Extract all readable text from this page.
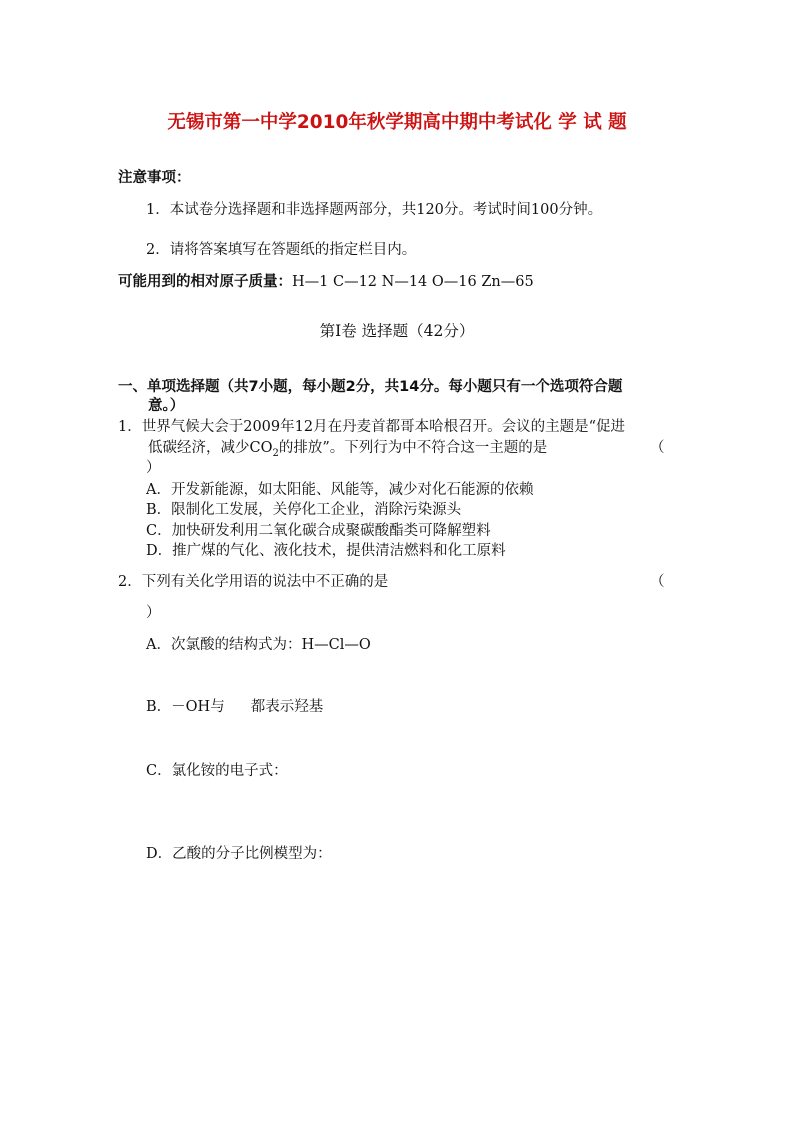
无锡市第一中学2010年秋学期高中期中考试化 学 试 题
注意事项：
1．本试卷分选择题和非选择题两部分，共120分。考试时间100分钟。
2．请将答案填写在答题纸的指定栏目内。
可能用到的相对原子质量：H—1 C—12 N—14 O—16 Zn—65
第Ⅰ卷 选择题（42分）
一、单项选择题（共7小题，每小题2分，共14分。每小题只有一个选项符合题
意。）
1．世界气候大会于2009年12月在丹麦首都哥本哈根召开。会议的主题是“促进
低碳经济，减少$CO_2$的排放”。下列行为中不符合这一主题的是	（
）
A．开发新能源，如太阳能、风能等，减少对化石能源的依赖
B．限制化工发展，关停化工企业，消除污染源头
C．加快研发利用二氧化碳合成聚碳酸酯类可降解塑料
D．推广煤的气化、液化技术，提供清洁燃料和化工原料
2．下列有关化学用语的说法中不正确的是	（
）
A．次氯酸的结构式为：H—Cl—O
B．－OH与 都表示羟基
C．氯化铵的电子式：
D．乙酸的分子比例模型为：
